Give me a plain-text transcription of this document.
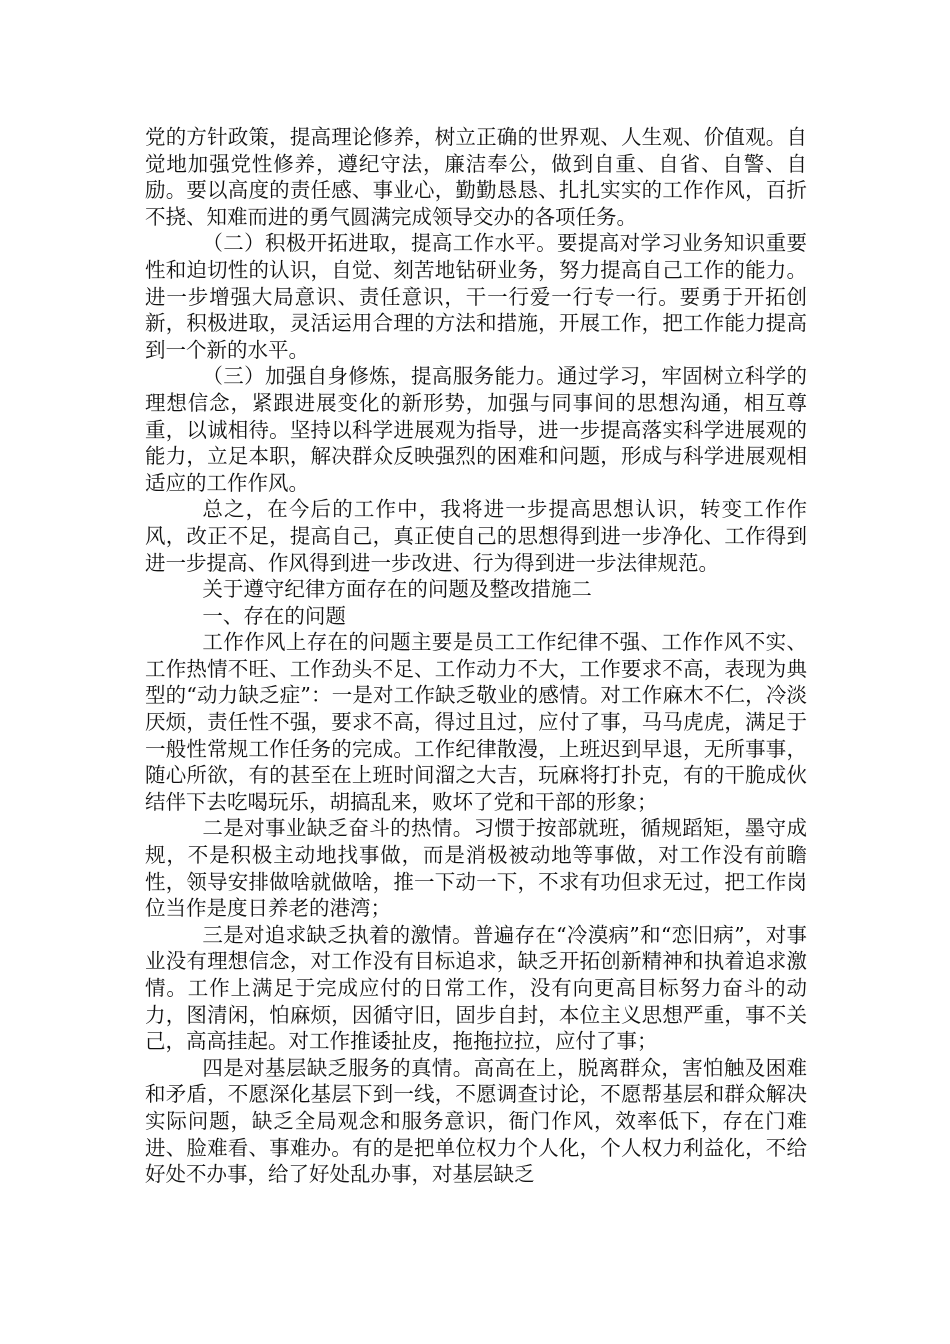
党的方针政策，提高理论修养，树立正确的世界观、人生观、价值观。自觉地加强党性修养，遵纪守法，廉洁奉公，做到自重、自省、自警、自励。要以高度的责任感、事业心，勤勤恳恳、扎扎实实的工作作风，百折不挠、知难而进的勇气圆满完成领导交办的各项任务。

（二）积极开拓进取，提高工作水平。要提高对学习业务知识重要性和迫切性的认识，自觉、刻苦地钻研业务，努力提高自己工作的能力。进一步增强大局意识、责任意识，干一行爱一行专一行。要勇于开拓创新，积极进取，灵活运用合理的方法和措施，开展工作，把工作能力提高到一个新的水平。

（三）加强自身修炼，提高服务能力。通过学习，牢固树立科学的理想信念，紧跟进展变化的新形势，加强与同事间的思想沟通，相互尊重，以诚相待。坚持以科学进展观为指导，进一步提高落实科学进展观的能力，立足本职，解决群众反映强烈的困难和问题，形成与科学进展观相适应的工作作风。

总之，在今后的工作中，我将进一步提高思想认识，转变工作作风，改正不足，提高自己，真正使自己的思想得到进一步净化、工作得到进一步提高、作风得到进一步改进、行为得到进一步法律规范。

关于遵守纪律方面存在的问题及整改措施二

一、存在的问题

工作作风上存在的问题主要是员工工作纪律不强、工作作风不实、工作热情不旺、工作劲头不足、工作动力不大，工作要求不高，表现为典型的“动力缺乏症”：一是对工作缺乏敬业的感情。对工作麻木不仁，冷淡厌烦，责任性不强，要求不高，得过且过，应付了事，马马虎虎，满足于一般性常规工作任务的完成。工作纪律散漫，上班迟到早退，无所事事，随心所欲，有的甚至在上班时间溜之大吉，玩麻将打扑克，有的干脆成伙结伴下去吃喝玩乐，胡搞乱来，败坏了党和干部的形象；

二是对事业缺乏奋斗的热情。习惯于按部就班，循规蹈矩，墨守成规，不是积极主动地找事做，而是消极被动地等事做，对工作没有前瞻性，领导安排做啥就做啥，推一下动一下，不求有功但求无过，把工作岗位当作是度日养老的港湾；

三是对追求缺乏执着的激情。普遍存在“冷漠病”和“恋旧病”，对事业没有理想信念，对工作没有目标追求，缺乏开拓创新精神和执着追求激情。工作上满足于完成应付的日常工作，没有向更高目标努力奋斗的动力，图清闲，怕麻烦，因循守旧，固步自封，本位主义思想严重，事不关己，高高挂起。对工作推诿扯皮，拖拖拉拉，应付了事；

四是对基层缺乏服务的真情。高高在上，脱离群众，害怕触及困难和矛盾，不愿深化基层下到一线，不愿调查讨论，不愿帮基层和群众解决实际问题，缺乏全局观念和服务意识，衙门作风，效率低下，存在门难进、脸难看、事难办。有的是把单位权力个人化，个人权力利益化，不给好处不办事，给了好处乱办事，对基层缺乏
